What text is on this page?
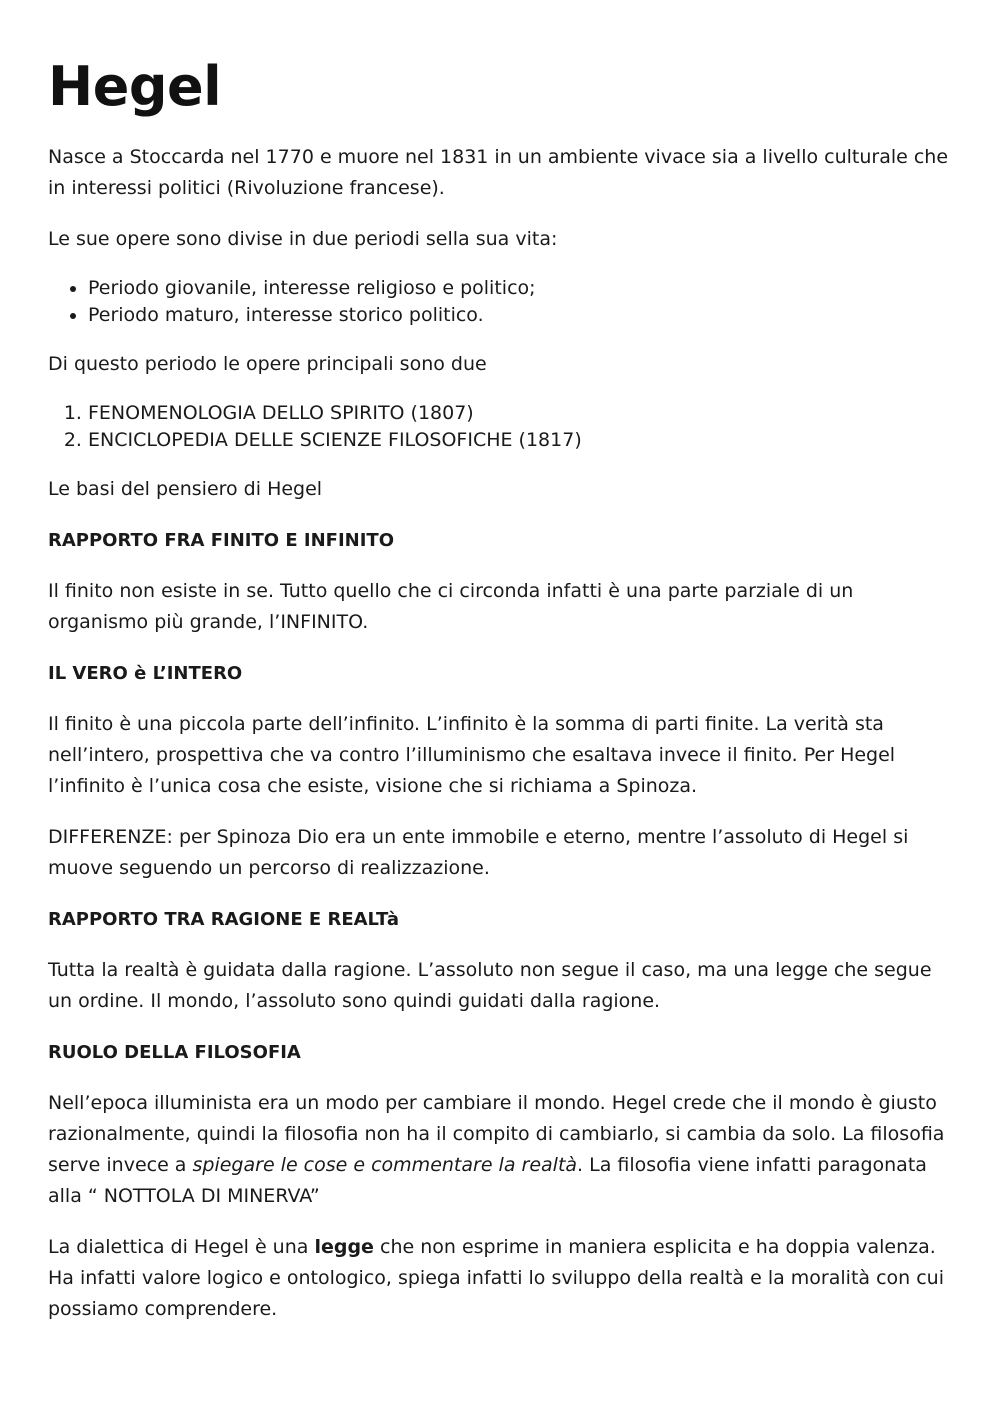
Hegel

Nasce a Stoccarda nel 1770 e muore nel 1831 in un ambiente vivace sia a livello culturale che in interessi politici (Rivoluzione francese).

Le sue opere sono divise in due periodi sella sua vita:

• Periodo giovanile, interesse religioso e politico;
• Periodo maturo, interesse storico politico.

Di questo periodo le opere principali sono due

1. FENOMENOLOGIA DELLO SPIRITO (1807)
2. ENCICLOPEDIA DELLE SCIENZE FILOSOFICHE (1817)

Le basi del pensiero di Hegel

RAPPORTO FRA FINITO E INFINITO

Il finito non esiste in se. Tutto quello che ci circonda infatti è una parte parziale di un organismo più grande, l’INFINITO.

IL VERO è L’INTERO

Il finito è una piccola parte dell’infinito. L’infinito è la somma di parti finite. La verità sta nell’intero, prospettiva che va contro l’illuminismo che esaltava invece il finito. Per Hegel l’infinito è l’unica cosa che esiste, visione che si richiama a Spinoza.

DIFFERENZE: per Spinoza Dio era un ente immobile e eterno, mentre l’assoluto di Hegel si muove seguendo un percorso di realizzazione.

RAPPORTO TRA RAGIONE E REALTà

Tutta la realtà è guidata dalla ragione. L’assoluto non segue il caso, ma una legge che segue un ordine. Il mondo, l’assoluto sono quindi guidati dalla ragione.

RUOLO DELLA FILOSOFIA

Nell’epoca illuminista era un modo per cambiare il mondo. Hegel crede che il mondo è giusto razionalmente, quindi la filosofia non ha il compito di cambiarlo, si cambia da solo. La filosofia serve invece a spiegare le cose e commentare la realtà. La filosofia viene infatti paragonata alla “ NOTTOLA DI MINERVA”

La dialettica di Hegel è una legge che non esprime in maniera esplicita e ha doppia valenza. Ha infatti valore logico e ontologico, spiega infatti lo sviluppo della realtà e la moralità con cui possiamo comprendere.
